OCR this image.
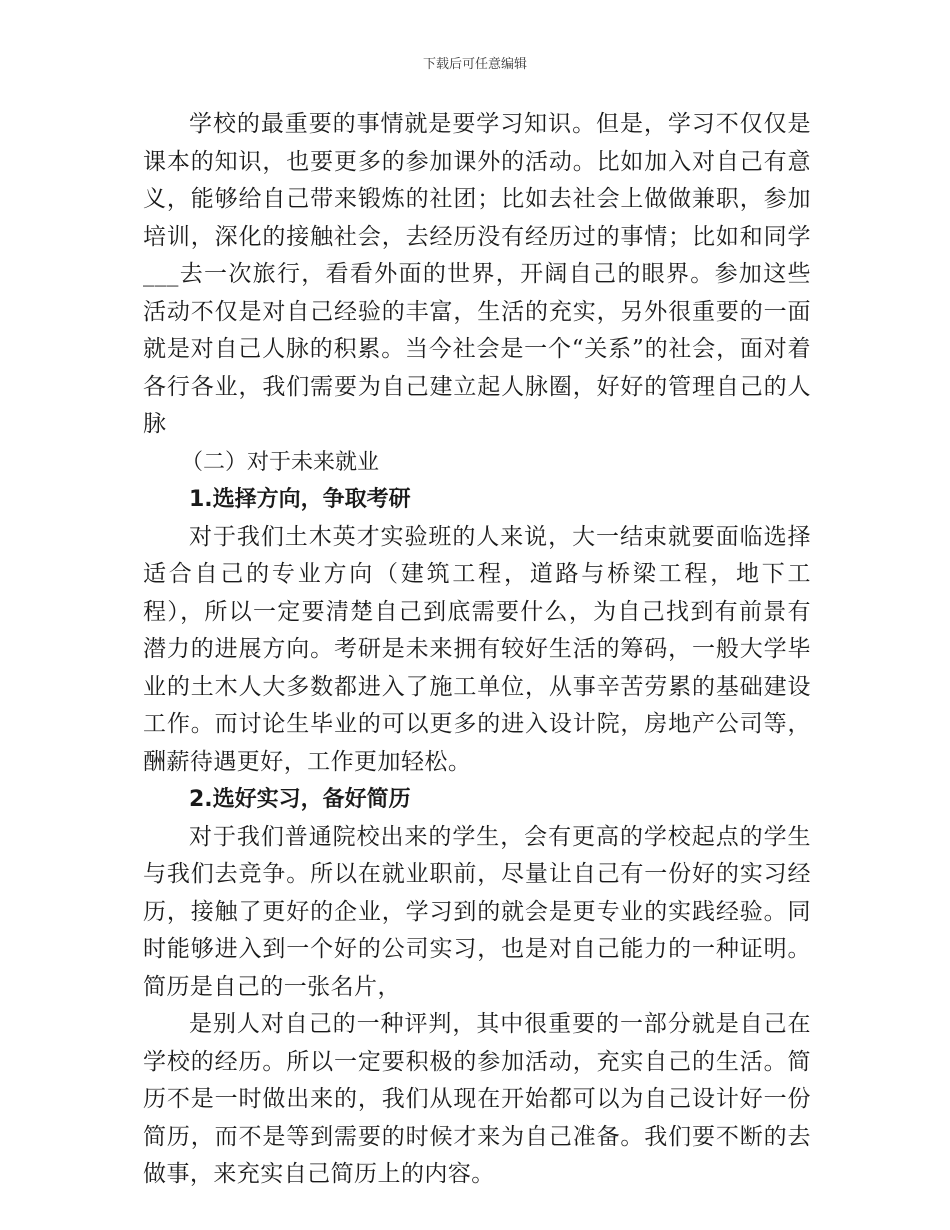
下载后可任意编辑

学校的最重要的事情就是要学习知识。但是，学习不仅仅是课本的知识，也要更多的参加课外的活动。比如加入对自己有意义，能够给自己带来锻炼的社团；比如去社会上做做兼职，参加培训，深化的接触社会，去经历没有经历过的事情；比如和同学___去一次旅行，看看外面的世界，开阔自己的眼界。参加这些活动不仅是对自己经验的丰富，生活的充实，另外很重要的一面就是对自己人脉的积累。当今社会是一个“关系”的社会，面对着各行各业，我们需要为自己建立起人脉圈，好好的管理自己的人脉

（二）对于未来就业

1.选择方向，争取考研

对于我们土木英才实验班的人来说，大一结束就要面临选择适合自己的专业方向（建筑工程，道路与桥梁工程，地下工程），所以一定要清楚自己到底需要什么，为自己找到有前景有潜力的进展方向。考研是未来拥有较好生活的筹码，一般大学毕业的土木人大多数都进入了施工单位，从事辛苦劳累的基础建设工作。而讨论生毕业的可以更多的进入设计院，房地产公司等，酬薪待遇更好，工作更加轻松。

2.选好实习，备好简历

对于我们普通院校出来的学生，会有更高的学校起点的学生与我们去竞争。所以在就业职前，尽量让自己有一份好的实习经历，接触了更好的企业，学习到的就会是更专业的实践经验。同时能够进入到一个好的公司实习，也是对自己能力的一种证明。简历是自己的一张名片，

是别人对自己的一种评判，其中很重要的一部分就是自己在学校的经历。所以一定要积极的参加活动，充实自己的生活。简历不是一时做出来的，我们从现在开始都可以为自己设计好一份简历，而不是等到需要的时候才来为自己准备。我们要不断的去做事，来充实自己简历上的内容。
